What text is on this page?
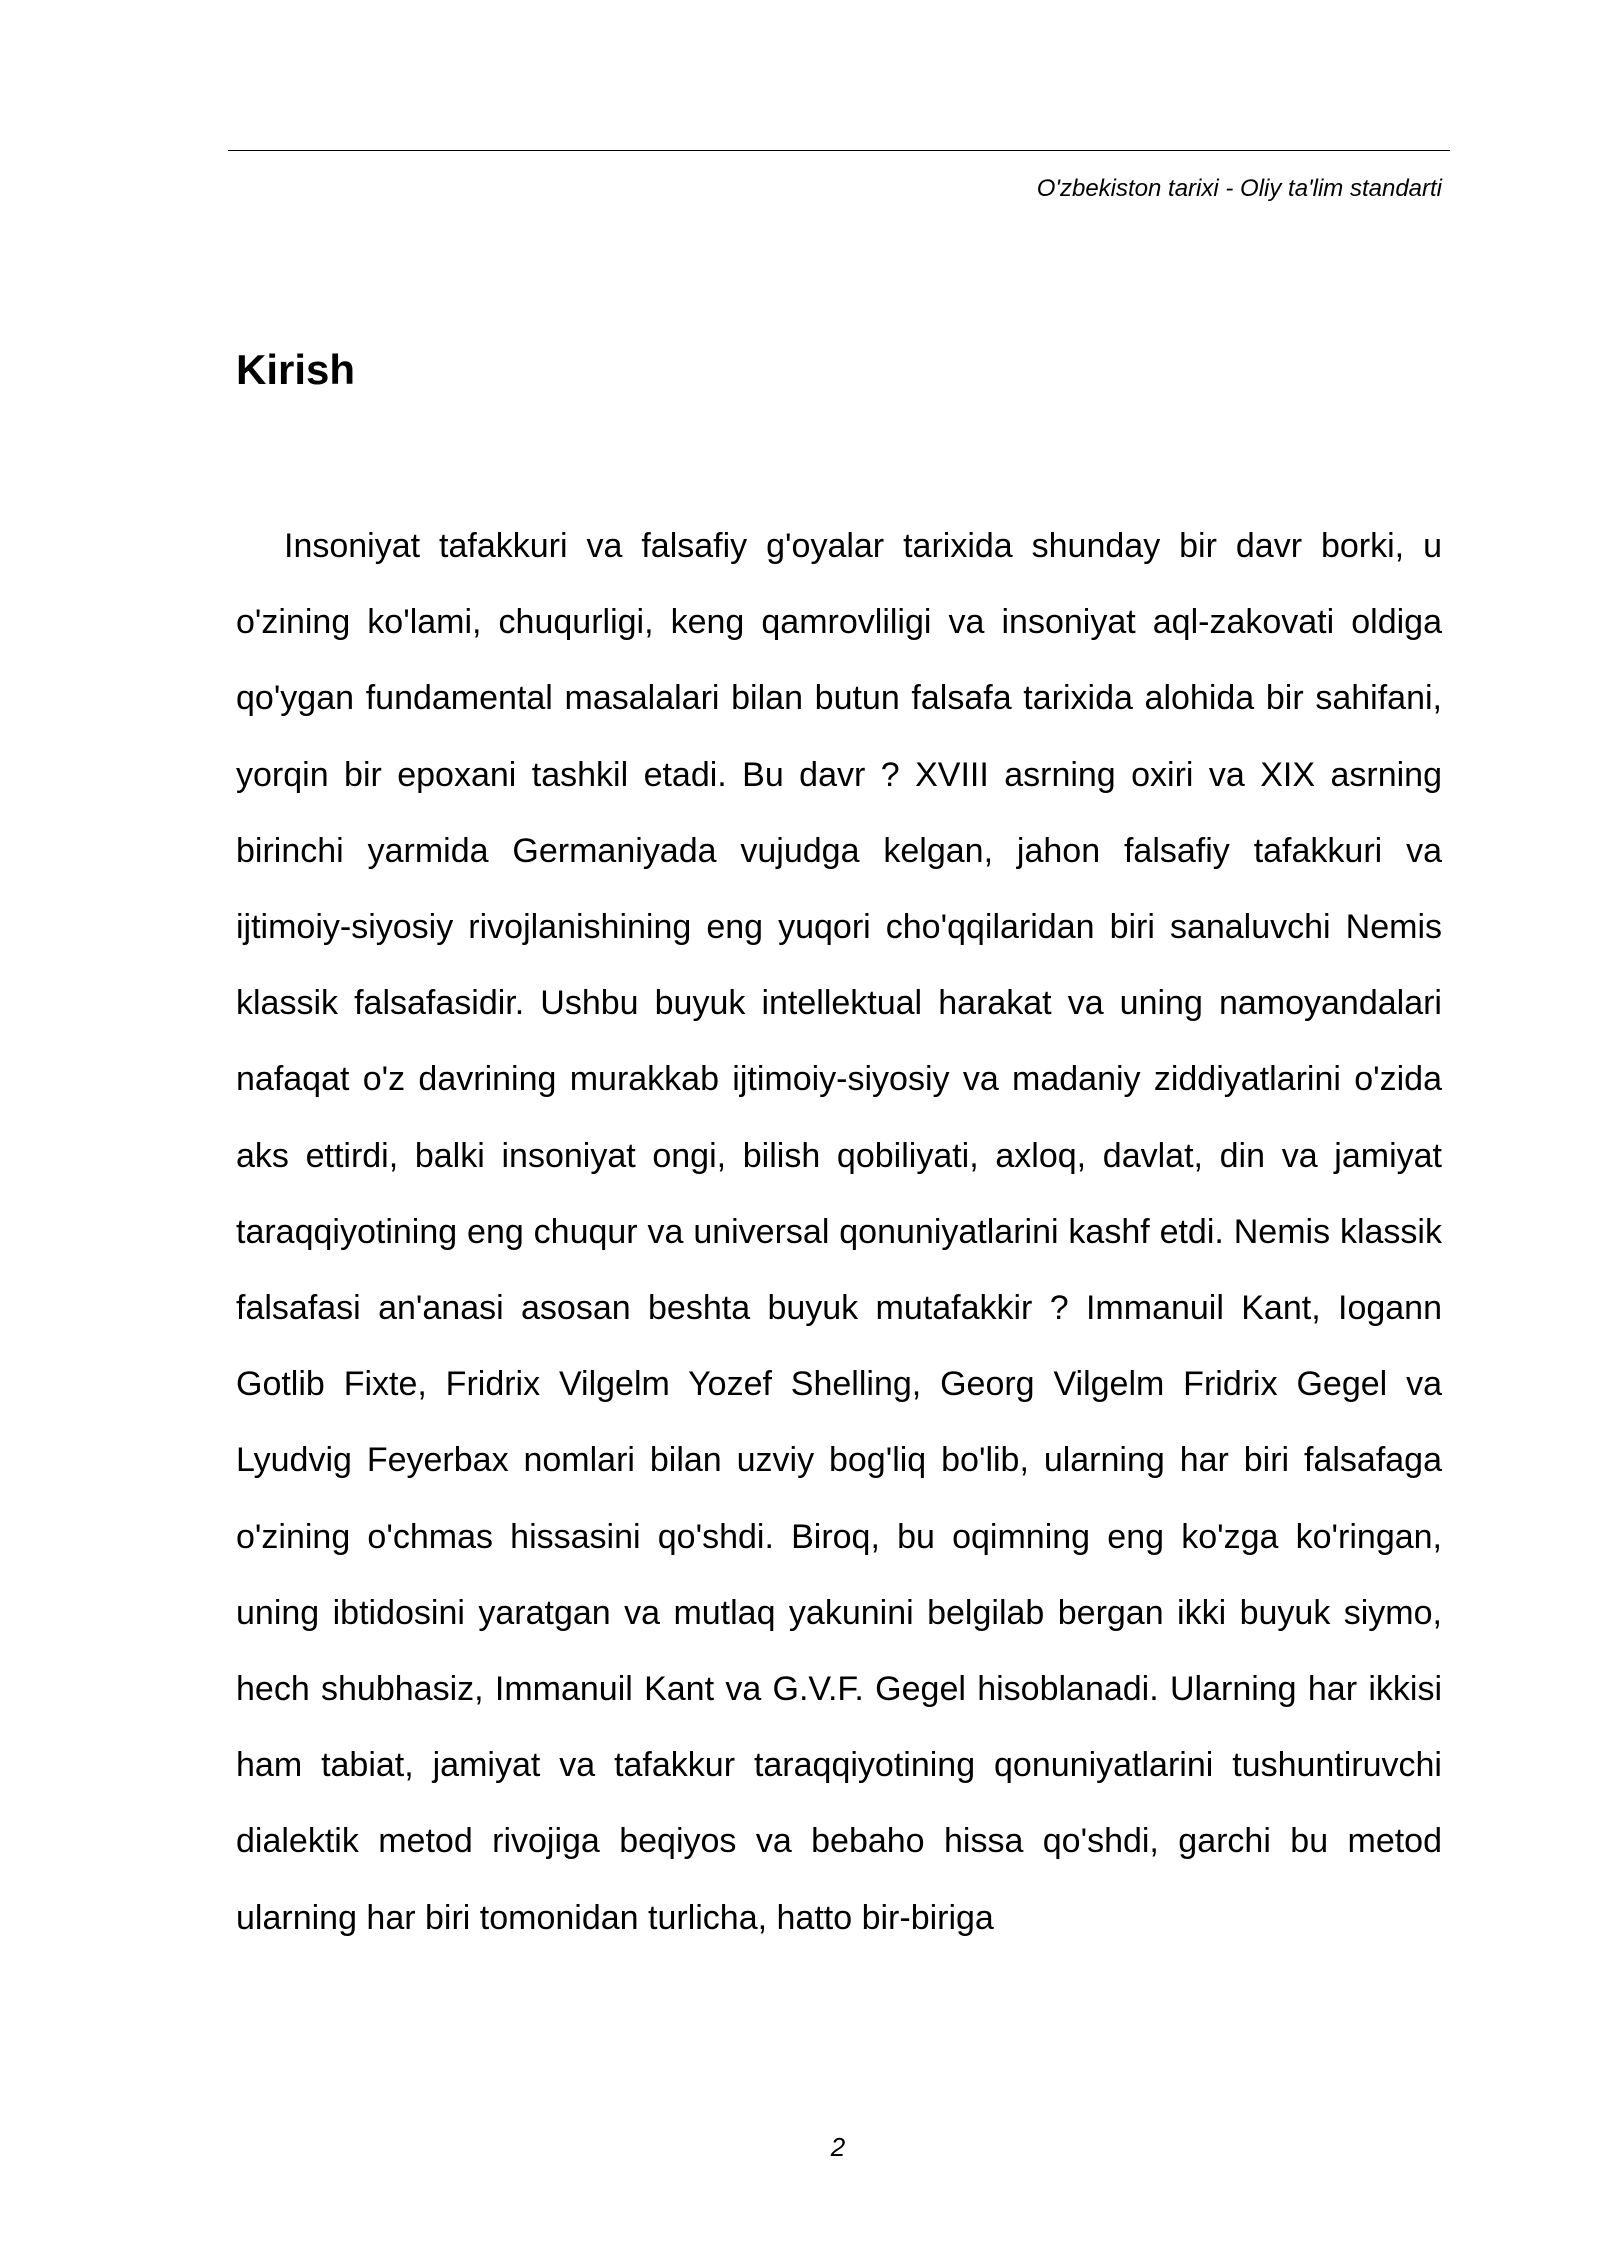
O'zbekiston tarixi - Oliy ta'lim standarti
Kirish

Insoniyat tafakkuri va falsafiy g'oyalar tarixida shunday bir davr borki, u o'zining ko'lami, chuqurligi, keng qamrovliligi va insoniyat aql-zakovati oldiga qo'ygan fundamental masalalari bilan butun falsafa tarixida alohida bir sahifani, yorqin bir epoxani tashkil etadi. Bu davr ? XVIII asrning oxiri va XIX asrning birinchi yarmida Germaniyada vujudga kelgan, jahon falsafiy tafakkuri va ijtimoiy-siyosiy rivojlanishining eng yuqori cho'qqilaridan biri sanaluvchi Nemis klassik falsafasidir. Ushbu buyuk intellektual harakat va uning namoyandalari nafaqat o'z davrining murakkab ijtimoiy-siyosiy va madaniy ziddiyatlarini o'zida aks ettirdi, balki insoniyat ongi, bilish qobiliyati, axloq, davlat, din va jamiyat taraqqiyotining eng chuqur va universal qonuniyatlarini kashf etdi. Nemis klassik falsafasi an'anasi asosan beshta buyuk mutafakkir ? Immanuil Kant, Iogann Gotlib Fixte, Fridrix Vilgelm Yozef Shelling, Georg Vilgelm Fridrix Gegel va Lyudvig Feyerbax nomlari bilan uzviy bog'liq bo'lib, ularning har biri falsafaga o'zining o'chmas hissasini qo'shdi. Biroq, bu oqimning eng ko'zga ko'ringan, uning ibtidosini yaratgan va mutlaq yakunini belgilab bergan ikki buyuk siymo, hech shubhasiz, Immanuil Kant va G.V.F. Gegel hisoblanadi. Ularning har ikkisi ham tabiat, jamiyat va tafakkur taraqqiyotining qonuniyatlarini tushuntiruvchi dialektik metod rivojiga beqiyos va bebaho hissa qo'shdi, garchi bu metod ularning har biri tomonidan turlicha, hatto bir-biriga

2
